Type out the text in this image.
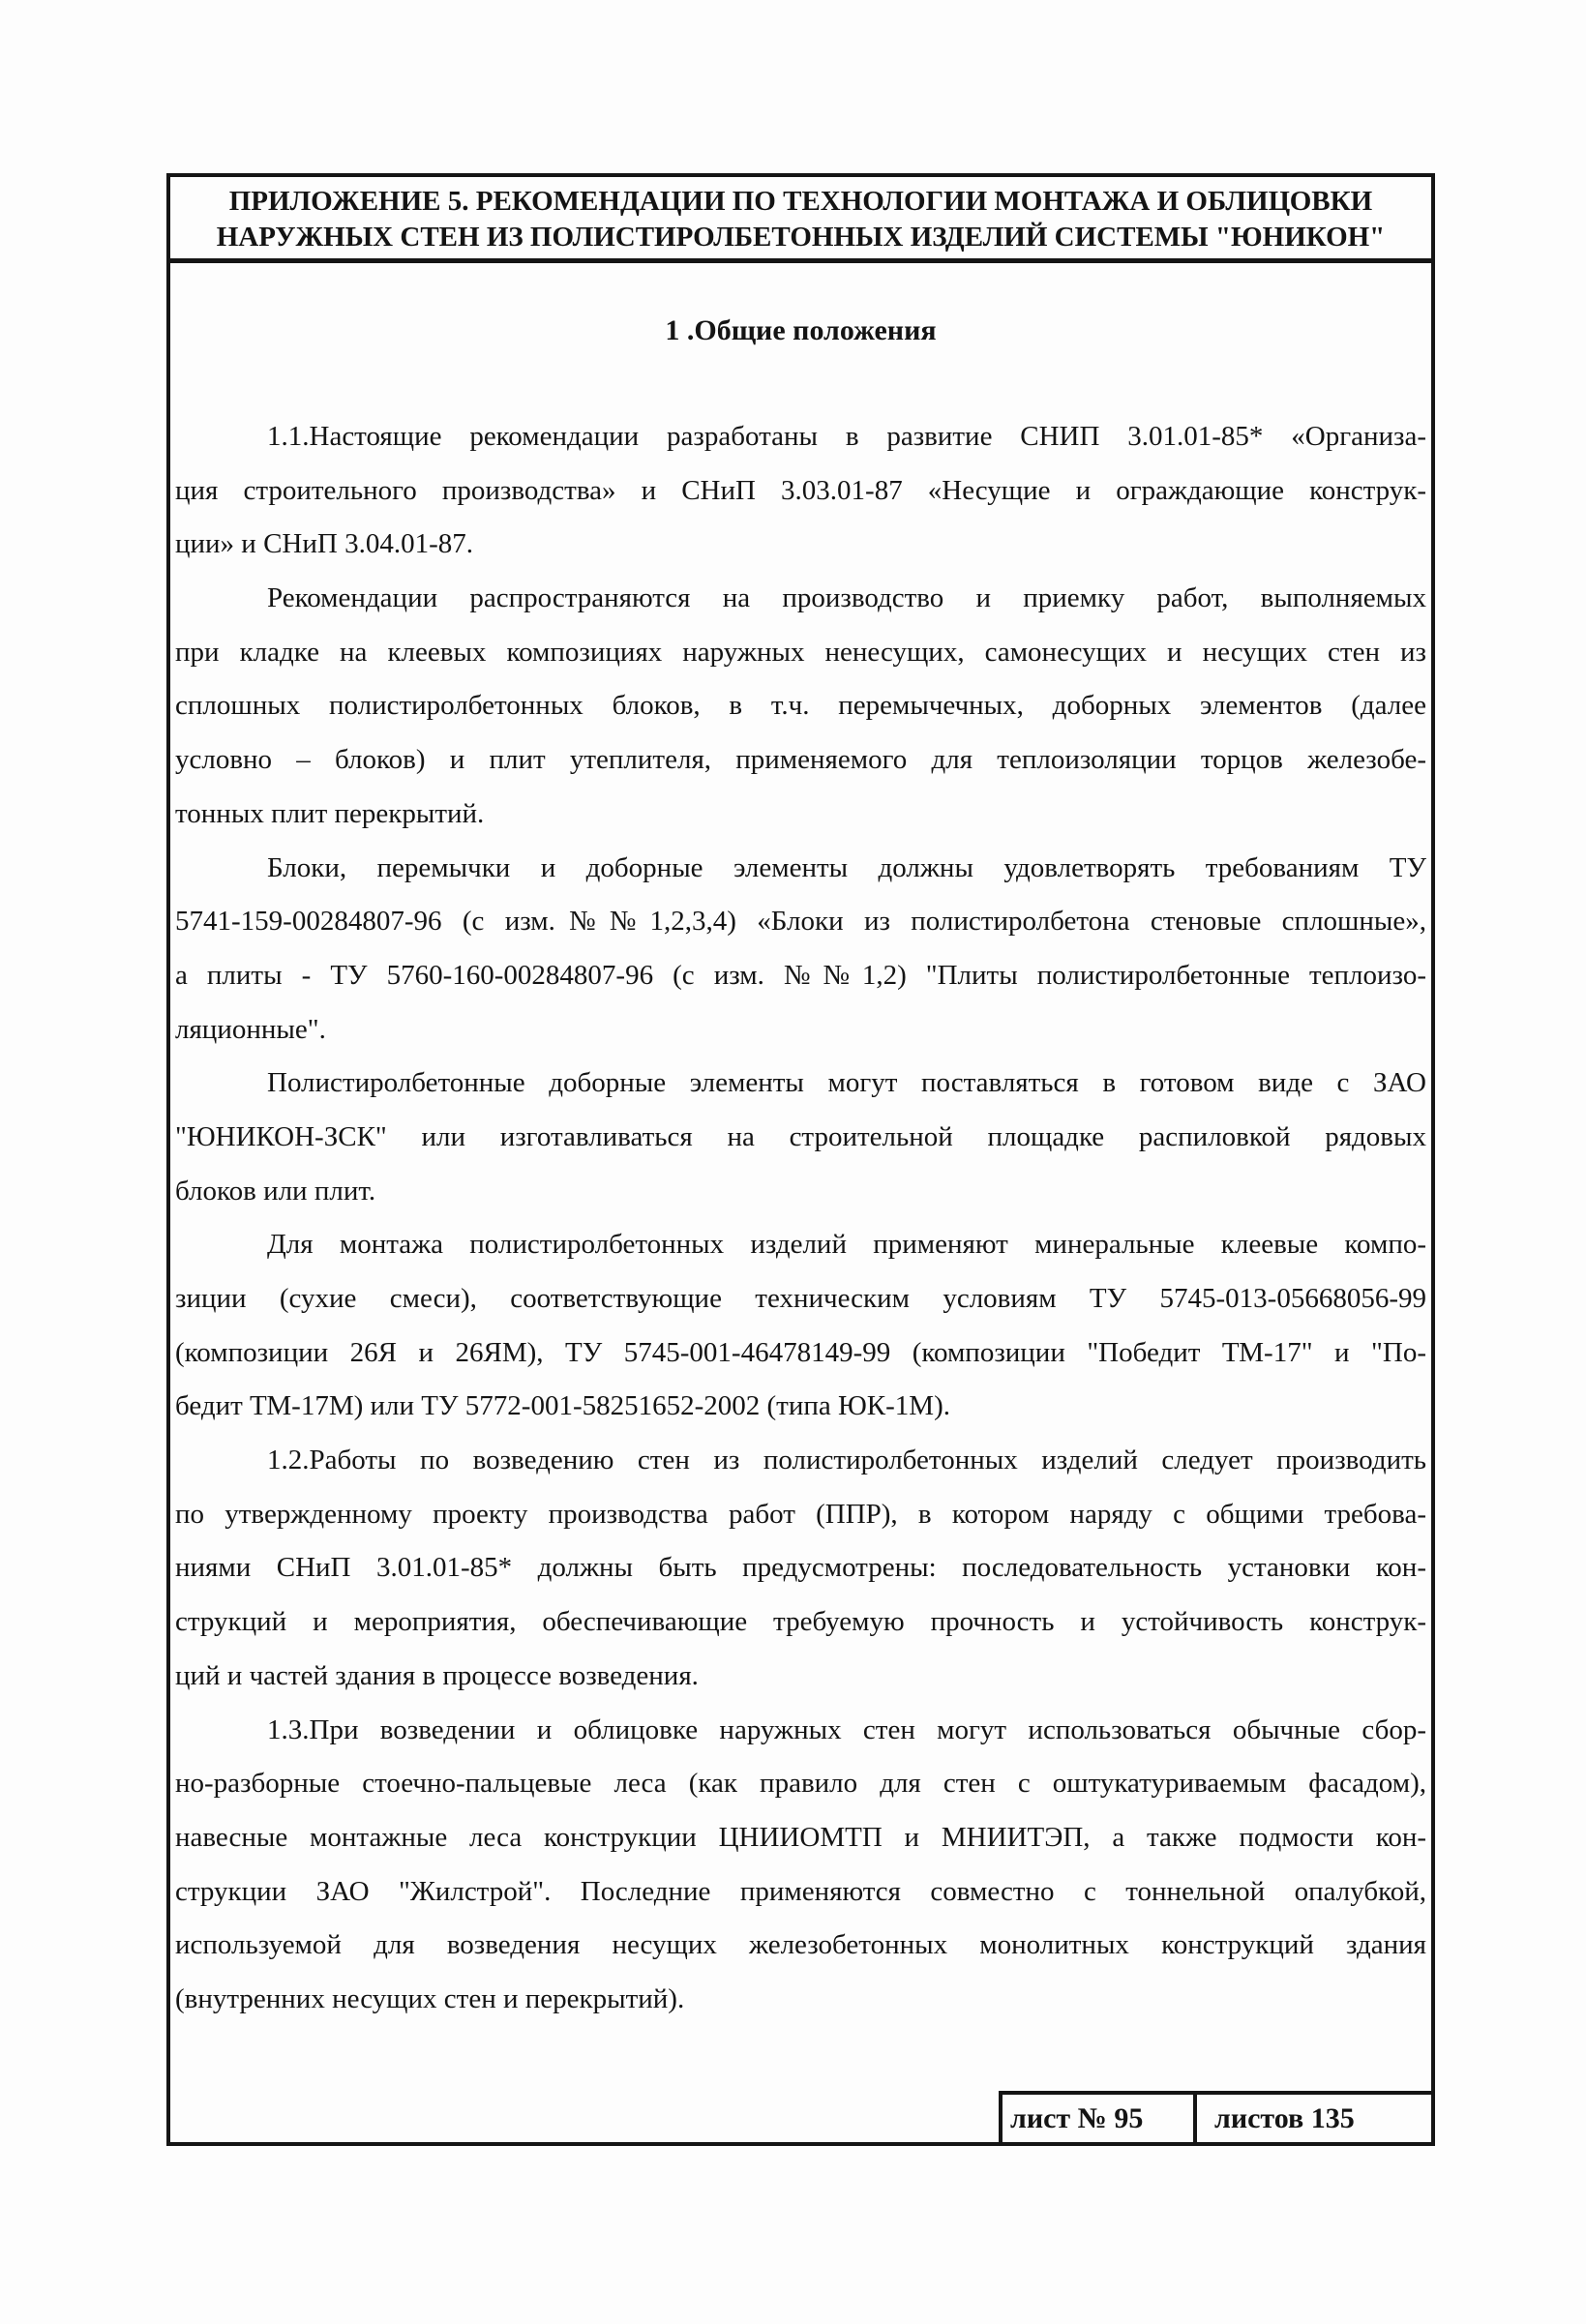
ПРИЛОЖЕНИЕ 5. РЕКОМЕНДАЦИИ ПО ТЕХНОЛОГИИ МОНТАЖА И ОБЛИЦОВКИ
НАРУЖНЫХ СТЕН ИЗ ПОЛИСТИРОЛБЕТОННЫХ ИЗДЕЛИЙ СИСТЕМЫ "ЮНИКОН"
1 .Общие положения
1.1.Настоящие рекомендации разработаны в развитие СНИП 3.01.01-85* «Организа-
ция строительного производства» и СНиП 3.03.01-87 «Несущие и ограждающие конструк-
ции» и СНиП 3.04.01-87.
Рекомендации распространяются на производство и приемку работ, выполняемых
при кладке на клеевых композициях наружных ненесущих, самонесущих и несущих стен из
сплошных полистиролбетонных блоков, в т.ч. перемычечных, доборных элементов (далее
условно – блоков) и плит утеплителя, применяемого для теплоизоляции торцов железобе-
тонных плит перекрытий.
Блоки, перемычки и доборные элементы должны удовлетворять требованиям ТУ
5741-159-00284807-96 (с изм.№№1,2,3,4) «Блоки из полистиролбетона стеновые сплошные»,
а плиты - ТУ 5760-160-00284807-96 (с изм. №№1,2) "Плиты полистиролбетонные теплоизо-
ляционные".
Полистиролбетонные доборные элементы могут поставляться в готовом виде с ЗАО
"ЮНИКОН-ЗСК" или изготавливаться на строительной площадке распиловкой рядовых
блоков или плит.
Для монтажа полистиролбетонных изделий применяют минеральные клеевые компо-
зиции (сухие смеси), соответствующие техническим условиям ТУ 5745-013-05668056-99
(композиции 26Я и 26ЯМ), ТУ 5745-001-46478149-99 (композиции "Победит ТМ-17" и "По-
бедит ТМ-17М) или ТУ 5772-001-58251652-2002 (типа ЮК-1М).
1.2.Работы по возведению стен из полистиролбетонных изделий следует производить
по утвержденному проекту производства работ (ППР), в котором наряду с общими требова-
ниями СНиП 3.01.01-85* должны быть предусмотрены: последовательность установки кон-
струкций и мероприятия, обеспечивающие требуемую прочность и устойчивость конструк-
ций и частей здания в процессе возведения.
1.3.При возведении и облицовке наружных стен могут использоваться обычные сбор-
но-разборные стоечно-пальцевые леса (как правило для стен с оштукатуриваемым фасадом),
навесные монтажные леса конструкции ЦНИИОМТП и МНИИТЭП, а также подмости кон-
струкции ЗАО "Жилстрой". Последние применяются совместно с тоннельной опалубкой,
используемой для возведения несущих железобетонных монолитных конструкций здания
(внутренних несущих стен и перекрытий).
лист № 95	листов 135
